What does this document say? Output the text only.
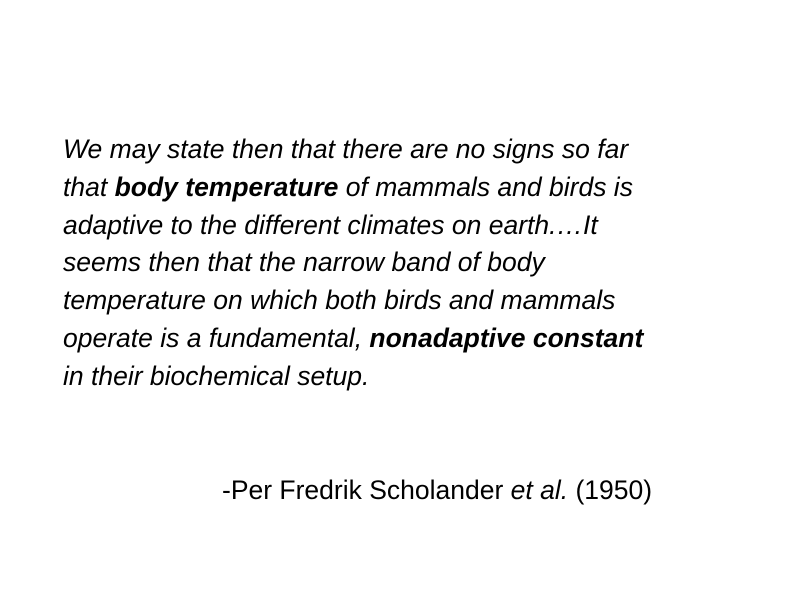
We may state then that there are no signs so far
that body temperature of mammals and birds is
adaptive to the different climates on earth.…It
seems then that the narrow band of body
temperature on which both birds and mammals
operate is a fundamental, nonadaptive constant
in their biochemical setup.

-Per Fredrik Scholander et al. (1950)
